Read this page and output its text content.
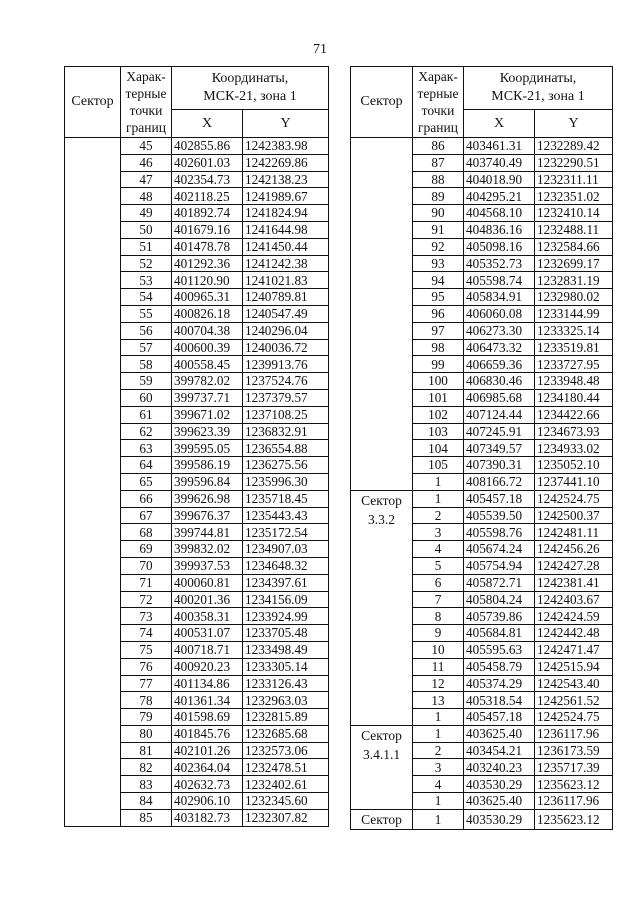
71
Сектор	Харак-
терные
точки
границ	Координаты,
МСК-21, зона 1	
		X	Y
	45	402855.86	1242383.98
	46	402601.03	1242269.86
	47	402354.73	1242138.23
	48	402118.25	1241989.67
	49	401892.74	1241824.94
	50	401679.16	1241644.98
	51	401478.78	1241450.44
	52	401292.36	1241242.38
	53	401120.90	1241021.83
	54	400965.31	1240789.81
	55	400826.18	1240547.49
	56	400704.38	1240296.04
	57	400600.39	1240036.72
	58	400558.45	1239913.76
	59	399782.02	1237524.76
	60	399737.71	1237379.57
	61	399671.02	1237108.25
	62	399623.39	1236832.91
	63	399595.05	1236554.88
	64	399586.19	1236275.56
	65	399596.84	1235996.30
	66	399626.98	1235718.45
	67	399676.37	1235443.43
	68	399744.81	1235172.54
	69	399832.02	1234907.03
	70	399937.53	1234648.32
	71	400060.81	1234397.61
	72	400201.36	1234156.09
	73	400358.31	1233924.99
	74	400531.07	1233705.48
	75	400718.71	1233498.49
	76	400920.23	1233305.14
	77	401134.86	1233126.43
	78	401361.34	1232963.03
	79	401598.69	1232815.89
	80	401845.76	1232685.68
	81	402101.26	1232573.06
	82	402364.04	1232478.51
	83	402632.73	1232402.61
	84	402906.10	1232345.60
	85	403182.73	1232307.82
Сектор	Харак-
терные
точки
границ	Координаты,
МСК-21, зона 1	
		X	Y
	86	403461.31	1232289.42
	87	403740.49	1232290.51
	88	404018.90	1232311.11
	89	404295.21	1232351.02
	90	404568.10	1232410.14
	91	404836.16	1232488.11
	92	405098.16	1232584.66
	93	405352.73	1232699.17
	94	405598.74	1232831.19
	95	405834.91	1232980.02
	96	406060.08	1233144.99
	97	406273.30	1233325.14
	98	406473.32	1233519.81
	99	406659.36	1233727.95
	100	406830.46	1233948.48
	101	406985.68	1234180.44
	102	407124.44	1234422.66
	103	407245.91	1234673.93
	104	407349.57	1234933.02
	105	407390.31	1235052.10
	1	408166.72	1237441.10

Сектор
3.3.2	1	405457.18	1242524.75
	2	405539.50	1242500.37
	3	405598.76	1242481.11
	4	405674.24	1242456.26
	5	405754.94	1242427.28
	6	405872.71	1242381.41
	7	405804.24	1242403.67
	8	405739.86	1242424.59
	9	405684.81	1242442.48
	10	405595.63	1242471.47
	11	405458.79	1242515.94
	12	405374.29	1242543.40
	13	405318.54	1242561.52
	1	405457.18	1242524.75

Сектор
3.4.1.1	1	403625.40	1236117.96
	2	403454.21	1236173.59
	3	403240.23	1235717.39
	4	403530.29	1235623.12
	1	403625.40	1236117.96

Сектор	1	403530.29	1235623.12
